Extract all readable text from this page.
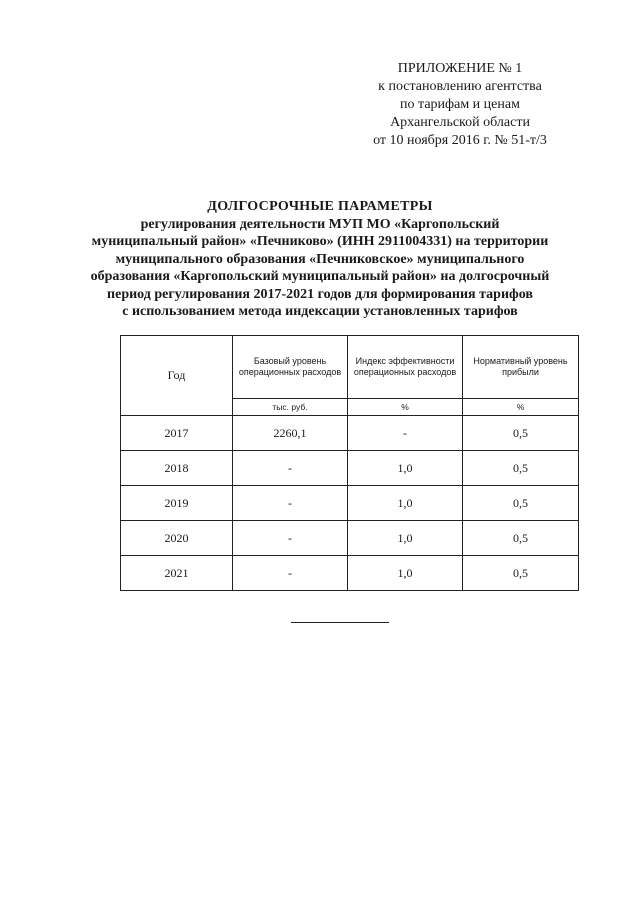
ПРИЛОЖЕНИЕ № 1
к постановлению агентства
по тарифам и ценам
Архангельской области
от 10 ноября 2016 г. № 51-т/3
ДОЛГОСРОЧНЫЕ ПАРАМЕТРЫ
регулирования деятельности МУП МО «Каргопольский
муниципальный район» «Печниково» (ИНН 2911004331) на территории
муниципального образования «Печниковское» муниципального
образования «Каргопольский муниципальный район» на долгосрочный
период регулирования 2017-2021 годов для формирования тарифов
с использованием метода индексации установленных тарифов
Год	Базовый уровень операционных расходов	Индекс эффективности операционных расходов	Нормативный уровень прибыли
	тыс. руб.	%	%
2017	2260,1	-	0,5
2018	-	1,0	0,5
2019	-	1,0	0,5
2020	-	1,0	0,5
2021	-	1,0	0,5
